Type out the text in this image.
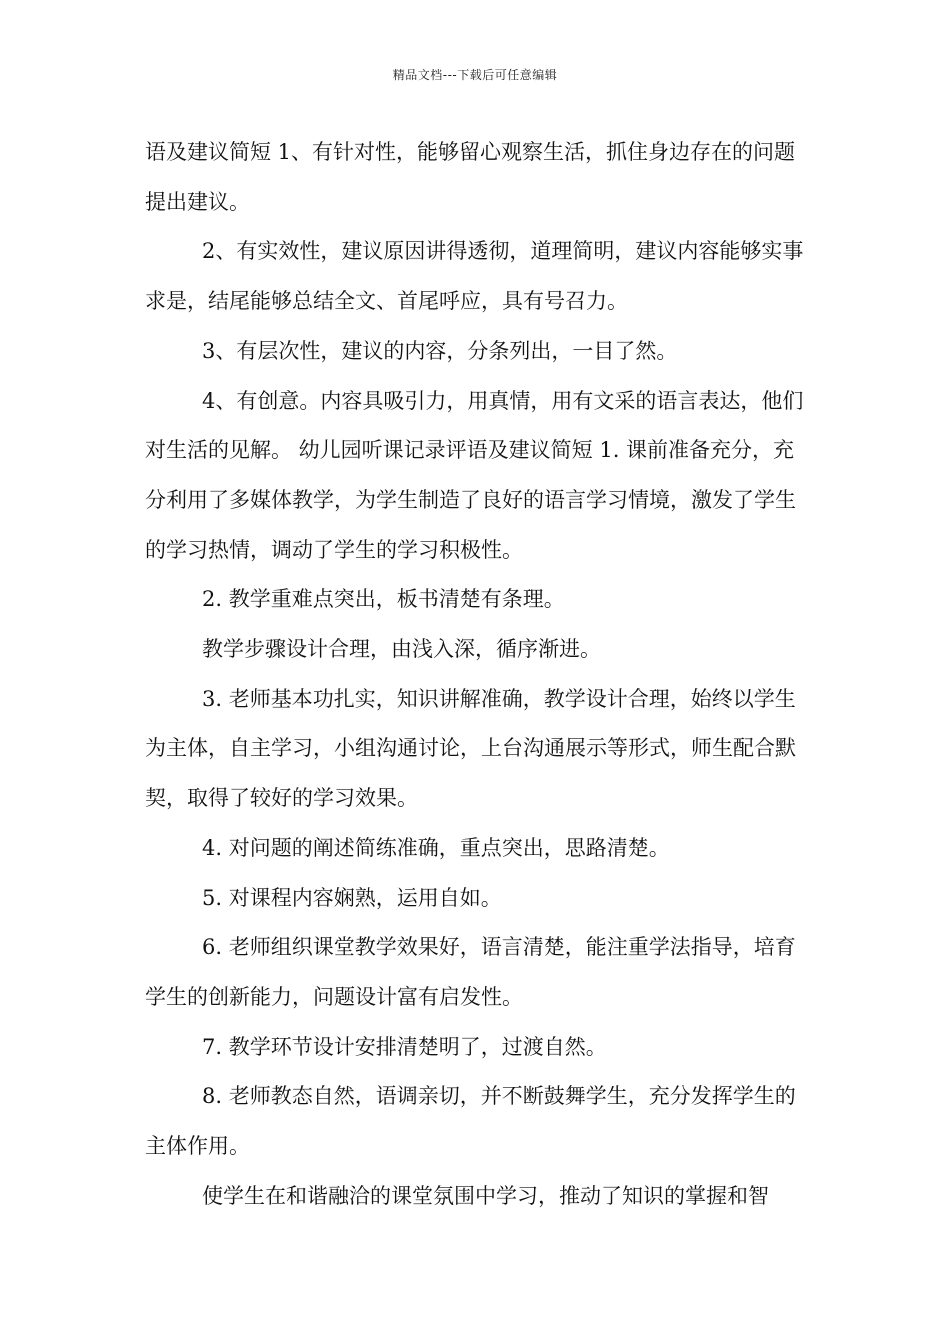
精品文档---下载后可任意编辑

语及建议简短 1、有针对性，能够留心观察生活，抓住身边存在的问题提出建议。

2、有实效性，建议原因讲得透彻，道理简明，建议内容能够实事求是，结尾能够总结全文、首尾呼应，具有号召力。

3、有层次性，建议的内容，分条列出，一目了然。

4、有创意。内容具吸引力，用真情，用有文采的语言表达，他们对生活的见解。 幼儿园听课记录评语及建议简短 1. 课前准备充分，充分利用了多媒体教学，为学生制造了良好的语言学习情境，激发了学生的学习热情，调动了学生的学习积极性。

2. 教学重难点突出，板书清楚有条理。

教学步骤设计合理，由浅入深，循序渐进。

3. 老师基本功扎实，知识讲解准确，教学设计合理，始终以学生为主体，自主学习，小组沟通讨论，上台沟通展示等形式，师生配合默契，取得了较好的学习效果。

4. 对问题的阐述简练准确，重点突出，思路清楚。

5. 对课程内容娴熟，运用自如。

6. 老师组织课堂教学效果好，语言清楚，能注重学法指导，培育学生的创新能力，问题设计富有启发性。

7. 教学环节设计安排清楚明了，过渡自然。

8. 老师教态自然，语调亲切，并不断鼓舞学生，充分发挥学生的主体作用。

使学生在和谐融洽的课堂氛围中学习，推动了知识的掌握和智
